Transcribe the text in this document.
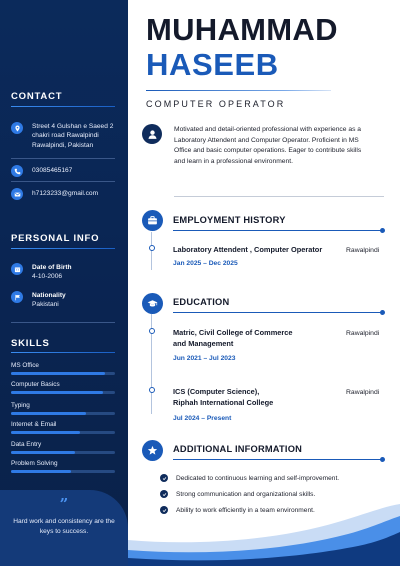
CONTACT
Street 4 Gulshan e Saeed 2
chakri road Rawalpindi
Rawalpindi, Pakistan
03085465167
h7123233@gmail.com
PERSONAL INFO
Date of Birth
4-10-2006
Nationality
Pakistani
SKILLS
MS Office
Computer Basics
Typing
Internet & Email
Data Entry
Problem Solving
”
Hard work and consistency are the keys to success.
MUHAMMAD
HASEEB
COMPUTER OPERATOR
Motivated and detail-oriented professional with experience as a Laboratory Attendent and Computer Operator. Proficient in MS Office and basic computer operations. Eager to contribute skills and learn in a professional environment.
EMPLOYMENT HISTORY
Laboratory Attendent , Computer Operator	Rawalpindi
Jan 2025 – Dec 2025
EDUCATION
Matric, Civil College of Commerce
and Management
Rawalpindi
Jun 2021 – Jul 2023
ICS (Computer Science),
Riphah International College
Rawalpindi
Jul 2024 – Present
ADDITIONAL INFORMATION
Dedicated to continuous learning and self-improvement.
Strong communication and organizational skills.
Ability to work efficiently in a team environment.
